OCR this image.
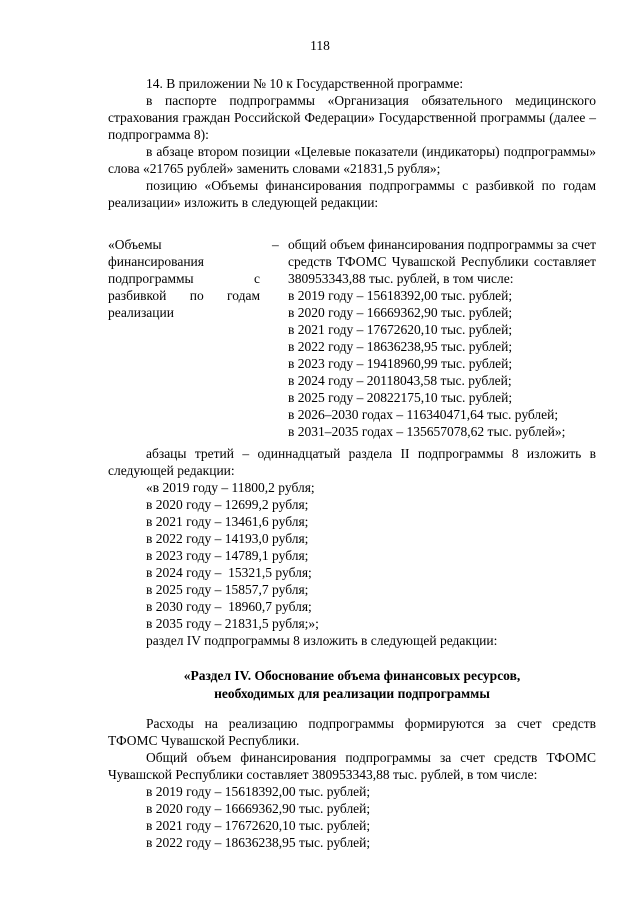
118

14. В приложении № 10 к Государственной программе:

в паспорте подпрограммы «Организация обязательного медицинского страхования граждан Российской Федерации» Государственной программы (далее – подпрограмма 8):

в абзаце втором позиции «Целевые показатели (индикаторы) подпрограммы» слова «21765 рублей» заменить словами «21831,5 рубля»;

позицию «Объемы финансирования подпрограммы с разбивкой по годам реализации» изложить в следующей редакции:

«Объемы финансирования подпрограммы с разбивкой по годам реализации
– общий объем финансирования подпрограммы за счет средств ТФОМС Чувашской Республики составляет 380953343,88 тыс. рублей, в том числе:

в 2019 году – 15618392,00 тыс. рублей;

в 2020 году – 16669362,90 тыс. рублей;

в 2021 году – 17672620,10 тыс. рублей;

в 2022 году – 18636238,95 тыс. рублей;

в 2023 году – 19418960,99 тыс. рублей;

в 2024 году – 20118043,58 тыс. рублей;

в 2025 году – 20822175,10 тыс. рублей;

в 2026–2030 годах – 116340471,64 тыс. рублей;

в 2031–2035 годах – 135657078,62 тыс. рублей»;

абзацы третий – одиннадцатый раздела II подпрограммы 8 изложить в следующей редакции:

«в 2019 году – 11800,2 рубля;

в 2020 году – 12699,2 рубля;

в 2021 году – 13461,6 рубля;

в 2022 году – 14193,0 рубля;

в 2023 году – 14789,1 рубля;

в 2024 году –  15321,5 рубля;

в 2025 году – 15857,7 рубля;

в 2030 году –  18960,7 рубля;

в 2035 году – 21831,5 рубля;»;

раздел IV подпрограммы 8 изложить в следующей редакции:

«Раздел IV. Обоснование объема финансовых ресурсов,

необходимых для реализации подпрограммы

Расходы на реализацию подпрограммы формируются за счет средств ТФОМС Чувашской Республики.

Общий объем финансирования подпрограммы за счет средств ТФОМС Чувашской Республики составляет 380953343,88 тыс. рублей, в том числе:

в 2019 году – 15618392,00 тыс. рублей;

в 2020 году – 16669362,90 тыс. рублей;

в 2021 году – 17672620,10 тыс. рублей;

в 2022 году – 18636238,95 тыс. рублей;
